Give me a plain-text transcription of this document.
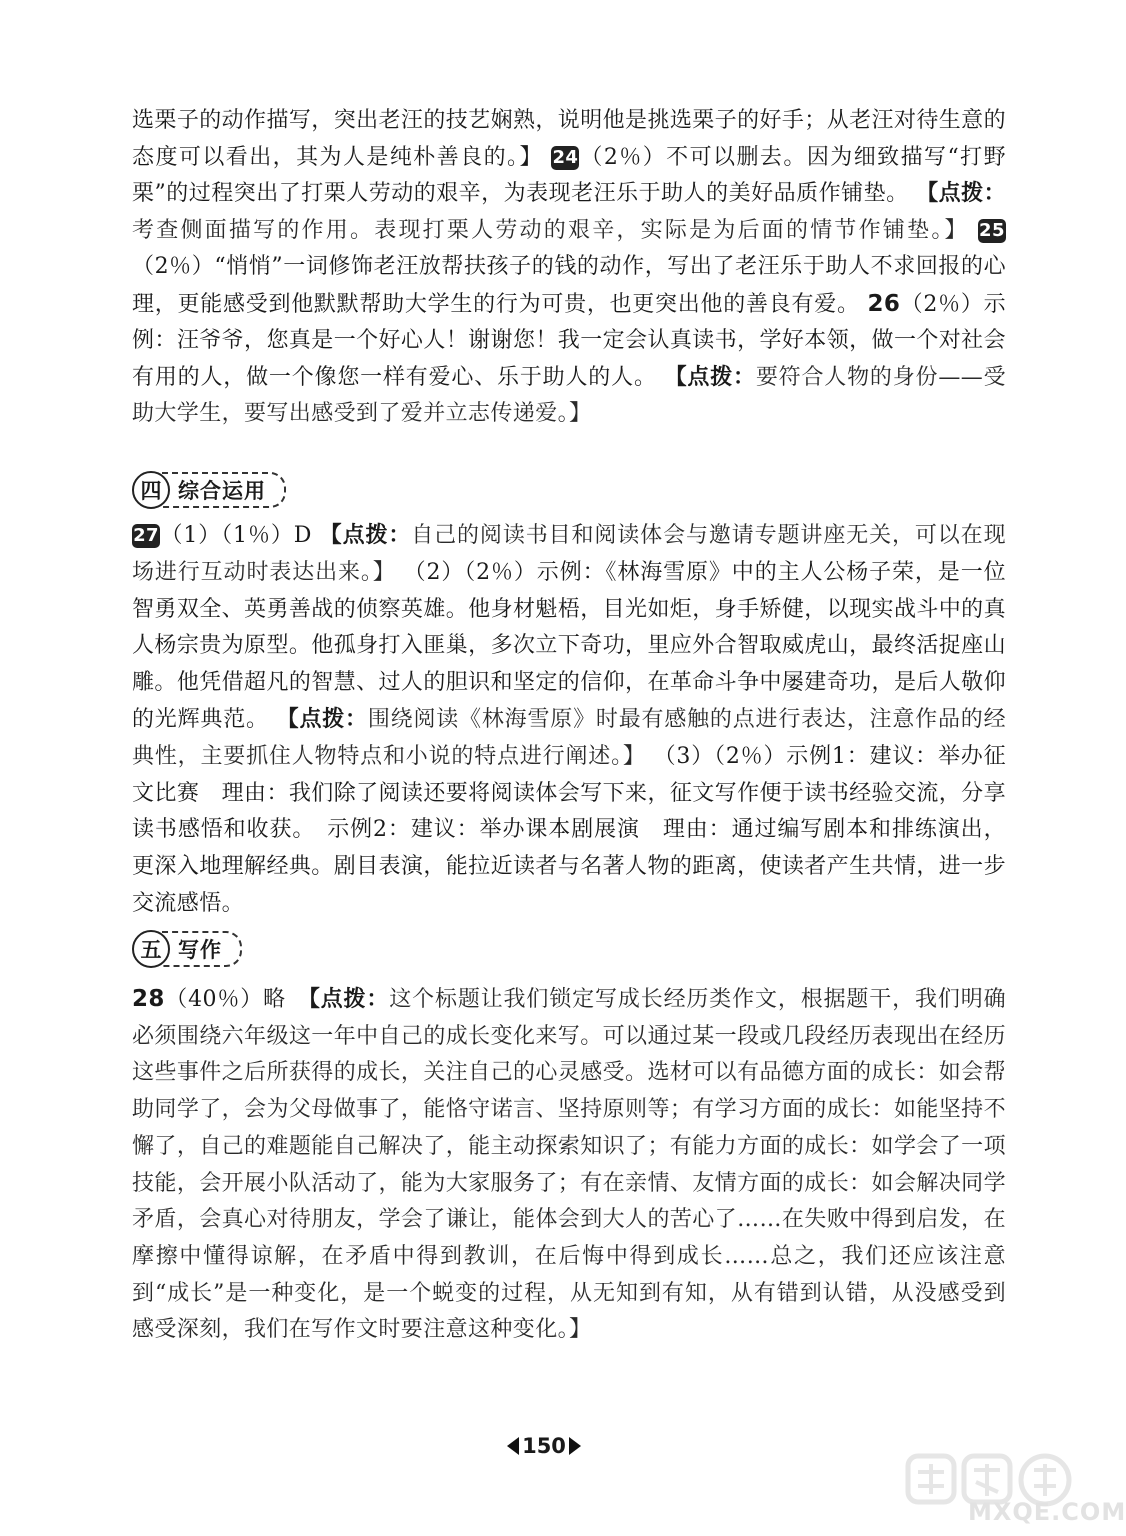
选栗子的动作描写，突出老汪的技艺娴熟，说明他是挑选栗子的好手；从老汪对待生意的态度可以看出，其为人是纯朴善良的。】 24（2％）不可以删去。因为细致描写“打野栗”的过程突出了打栗人劳动的艰辛，为表现老汪乐于助人的美好品质作铺垫。 【点拨：考查侧面描写的作用。表现打栗人劳动的艰辛，实际是为后面的情节作铺垫。】 25（2％）“悄悄”一词修饰老汪放帮扶孩子的钱的动作，写出了老汪乐于助人不求回报的心理，更能感受到他默默帮助大学生的行为可贵，也更突出他的善良有爱。 26（2％）示例：汪爷爷，您真是一个好心人！谢谢您！我一定会认真读书，学好本领，做一个对社会有用的人，做一个像您一样有爱心、乐于助人的人。 【点拨：要符合人物的身份——受助大学生，要写出感受到了爱并立志传递爱。】

四 综合运用

27（1）（1％）D 【点拨：自己的阅读书目和阅读体会与邀请专题讲座无关，可以在现场进行互动时表达出来。】 （2）（2％）示例：《林海雪原》中的主人公杨子荣，是一位智勇双全、英勇善战的侦察英雄。他身材魁梧，目光如炬，身手矫健，以现实战斗中的真人杨宗贵为原型。他孤身打入匪巢，多次立下奇功，里应外合智取威虎山，最终活捉座山雕。他凭借超凡的智慧、过人的胆识和坚定的信仰，在革命斗争中屡建奇功，是后人敬仰的光辉典范。 【点拨：围绕阅读《林海雪原》时最有感触的点进行表达，注意作品的经典性，主要抓住人物特点和小说的特点进行阐述。】 （3）（2％）示例1：建议：举办征文比赛　理由：我们除了阅读还要将阅读体会写下来，征文写作便于读书经验交流，分享读书感悟和收获。　示例2：建议：举办课本剧展演　理由：通过编写剧本和排练演出，更深入地理解经典。剧目表演，能拉近读者与名著人物的距离，使读者产生共情，进一步交流感悟。

五 写作

28（40％）略　 【点拨：这个标题让我们锁定写成长经历类作文，根据题干，我们明确必须围绕六年级这一年中自己的成长变化来写。可以通过某一段或几段经历表现出在经历这些事件之后所获得的成长，关注自己的心灵感受。选材可以有品德方面的成长：如会帮助同学了，会为父母做事了，能恪守诺言、坚持原则等；有学习方面的成长：如能坚持不懈了，自己的难题能自己解决了，能主动探索知识了；有能力方面的成长：如学会了一项技能，会开展小队活动了，能为大家服务了；有在亲情、友情方面的成长：如会解决同学矛盾，会真心对待朋友，学会了谦让，能体会到大人的苦心了……在失败中得到启发，在摩擦中懂得谅解，在矛盾中得到教训，在后悔中得到成长……总之，我们还应该注意到“成长”是一种变化，是一个蜕变的过程，从无知到有知，从有错到认错，从没感受到感受深刻，我们在写作文时要注意这种变化。】

150
MXQE.COM
